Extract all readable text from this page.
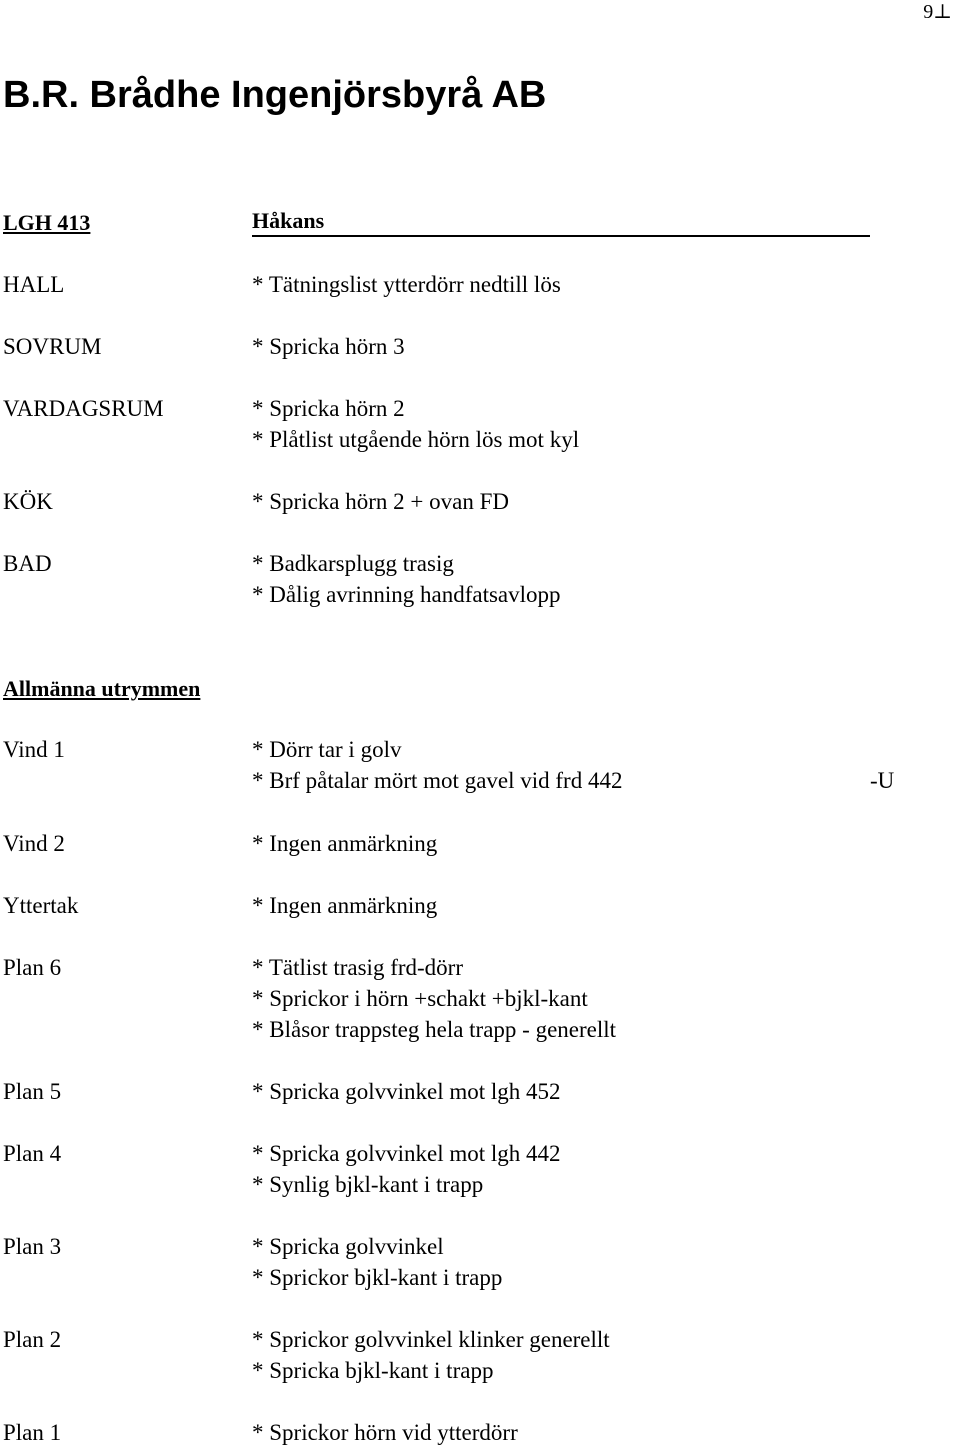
9⊥
B.R. Brådhe Ingenjörsbyrå AB
LGH 413	Håkans
HALL	* Tätningslist ytterdörr nedtill lös
SOVRUM	* Spricka hörn 3
VARDAGSRUM	* Spricka hörn 2
* Plåtlist utgående hörn lös mot kyl
KÖK	* Spricka hörn 2 + ovan FD
BAD	* Badkarsplugg trasig
* Dålig avrinning handfatsavlopp
Allmänna utrymmen
Vind 1	* Dörr tar i golv
* Brf påtalar mört mot gavel vid frd 442	-U
Vind 2	* Ingen anmärkning
Yttertak	* Ingen anmärkning
Plan 6	* Tätlist trasig frd-dörr
* Sprickor i hörn +schakt +bjkl-kant
* Blåsor trappsteg hela trapp - generellt
Plan 5	* Spricka golvvinkel mot lgh 452
Plan 4	* Spricka golvvinkel mot lgh 442
* Synlig bjkl-kant i trapp
Plan 3	* Spricka golvvinkel
* Sprickor bjkl-kant i trapp
Plan 2	* Sprickor golvvinkel klinker generellt
* Spricka bjkl-kant i trapp
Plan 1	* Sprickor hörn vid ytterdörr
